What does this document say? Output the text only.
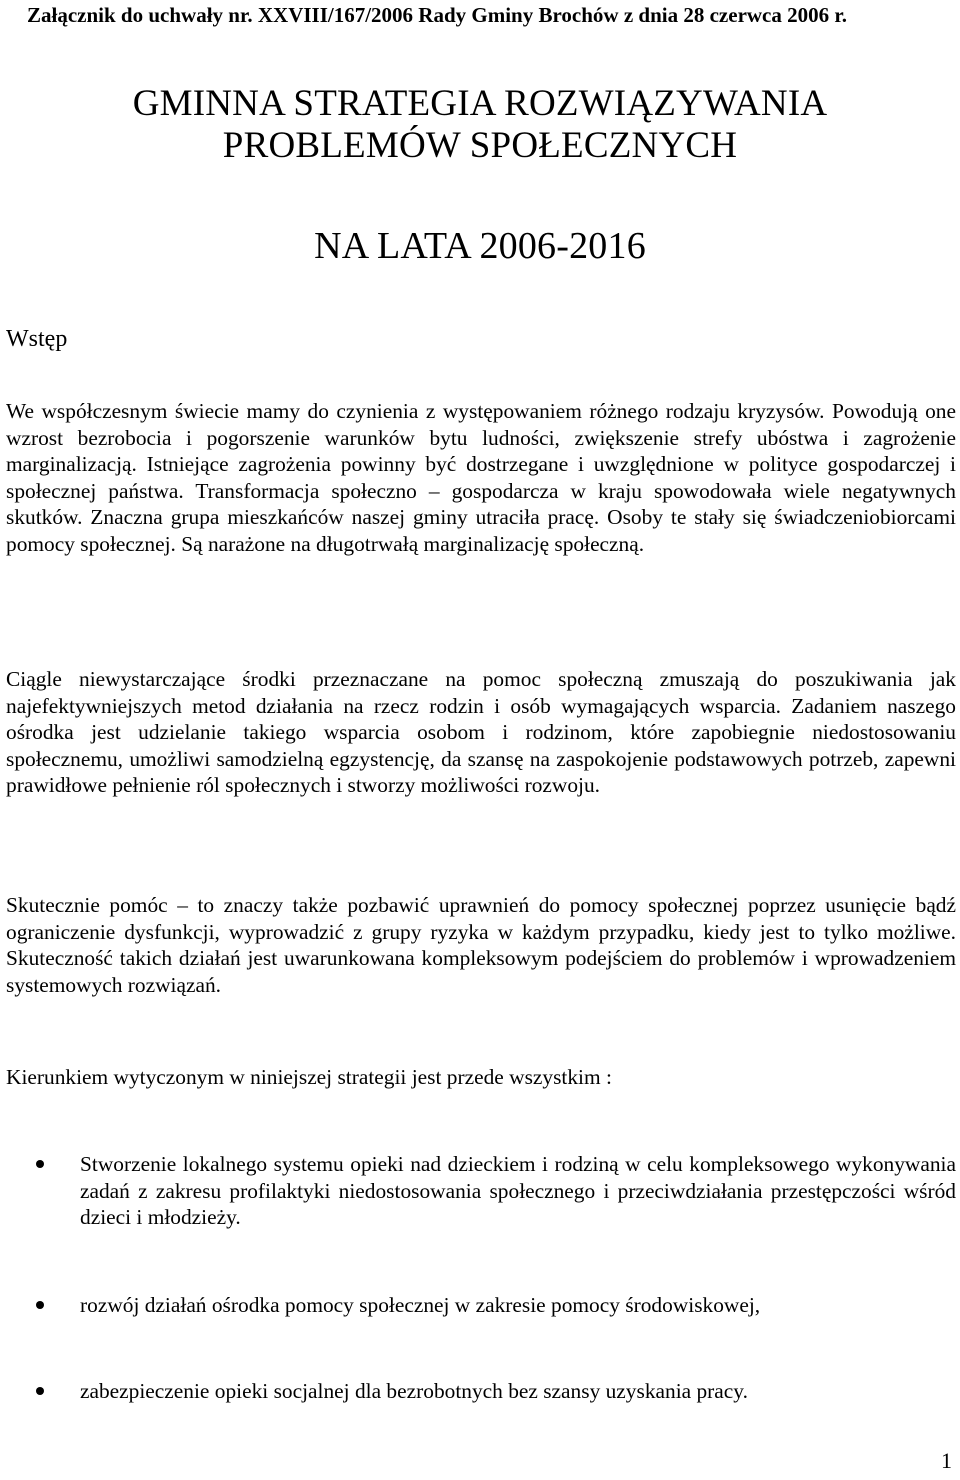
Załącznik do uchwały nr. XXVIII/167/2006 Rady Gminy Brochów z dnia 28 czerwca 2006 r.
GMINNA STRATEGIA ROZWIĄZYWANIA
PROBLEMÓW SPOŁECZNYCH
NA LATA 2006-2016
Wstęp

We współczesnym świecie mamy do czynienia z występowaniem różnego rodzaju kryzysów. Powodują one wzrost bezrobocia i pogorszenie warunków bytu ludności, zwiększenie strefy ubóstwa i zagrożenie marginalizacją. Istniejące zagrożenia powinny być dostrzegane i uwzględnione w polityce gospodarczej i społecznej państwa. Transformacja społeczno – gospodarcza w kraju spowodowała wiele negatywnych skutków. Znaczna grupa mieszkańców naszej gminy utraciła pracę. Osoby te stały się świadczeniobiorcami pomocy społecznej. Są narażone na długotrwałą marginalizację społeczną.

Ciągle niewystarczające środki przeznaczane na pomoc społeczną zmuszają do poszukiwania jak najefektywniejszych metod działania na rzecz rodzin i osób wymagających wsparcia. Zadaniem naszego ośrodka jest udzielanie takiego wsparcia osobom i rodzinom, które zapobiegnie niedostosowaniu społecznemu, umożliwi samodzielną egzystencję, da szansę na zaspokojenie podstawowych potrzeb, zapewni prawidłowe pełnienie ról społecznych i stworzy możliwości rozwoju.

Skutecznie pomóc – to znaczy także pozbawić uprawnień do pomocy społecznej poprzez usunięcie bądź ograniczenie dysfunkcji, wyprowadzić z grupy ryzyka w każdym przypadku, kiedy jest to tylko możliwe. Skuteczność takich działań jest uwarunkowana kompleksowym podejściem do problemów i wprowadzeniem systemowych rozwiązań.

Kierunkiem wytyczonym w niniejszej strategii jest przede wszystkim :

Stworzenie lokalnego systemu opieki nad dzieckiem i rodziną w celu kompleksowego wykonywania zadań z zakresu profilaktyki niedostosowania społecznego i przeciwdziałania przestępczości wśród dzieci i młodzieży.
rozwój działań ośrodka pomocy społecznej w zakresie pomocy środowiskowej,
zabezpieczenie opieki socjalnej dla bezrobotnych bez szansy uzyskania pracy.
1
